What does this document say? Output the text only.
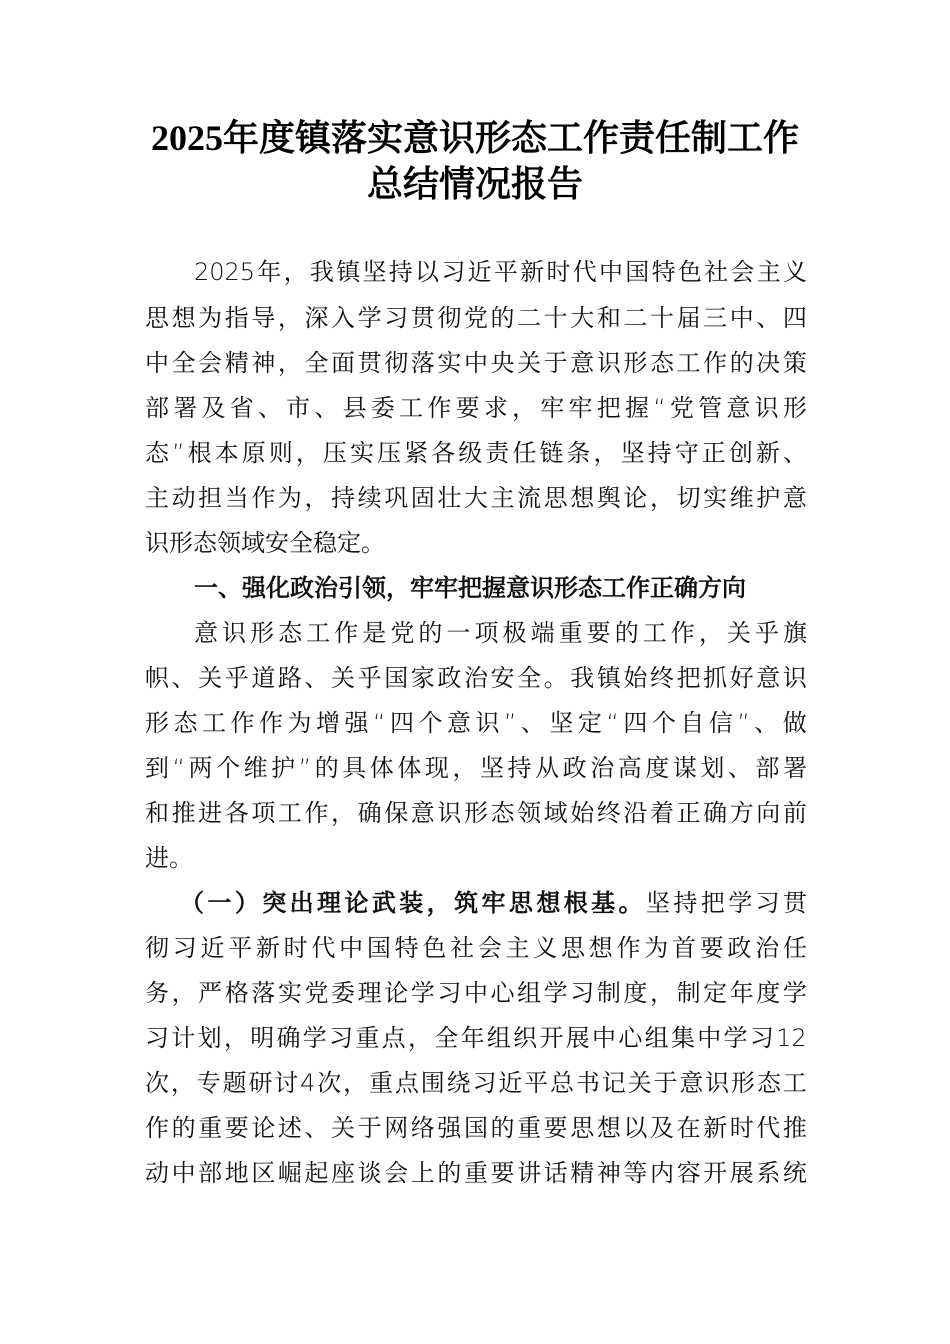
2025年度镇落实意识形态工作责任制工作
总结情况报告
2025 年 ， 我 镇 坚 持 以 习 近 平 新 时 代 中 国 特 色 社 会 主 义
思 想 为 指 导 ， 深 入 学 习 贯 彻 党 的 二 十 大 和 二 十 届 三 中 、 四
中 全 会 精 神 ， 全 面 贯 彻 落 实 中 央 关 于 意 识 形 态 工 作 的 决 策
部 署 及 省 、 市 、 县 委 工 作 要 求 ， 牢 牢 把 握 “ 党 管 意 识 形
态 ” 根 本 原 则 ， 压 实 压 紧 各 级 责 任 链 条 ， 坚 持 守 正 创 新 、
主 动 担 当 作 为 ， 持 续 巩 固 壮 大 主 流 思 想 舆 论 ， 切 实 维 护 意
识形态领域安全稳定。
一、强化政治引领，牢牢把握意识形态工作正确方向
意 识 形 态 工 作 是 党 的 一 项 极 端 重 要 的 工 作 ， 关 乎 旗
帜 、 关 乎 道 路 、 关 乎 国 家 政 治 安 全 。 我 镇 始 终 把 抓 好 意 识
形 态 工 作 作 为 增 强 “ 四 个 意 识 ” 、 坚 定 “ 四 个 自 信 ” 、 做
到 “ 两 个 维 护 ” 的 具 体 体 现 ， 坚 持 从 政 治 高 度 谋 划 、 部 署
和 推 进 各 项 工 作 ， 确 保 意 识 形 态 领 域 始 终 沿 着 正 确 方 向 前
进。
（一）突出理论武装，筑牢思想根基。坚持把学习贯
彻 习 近 平 新 时 代 中 国 特 色 社 会 主 义 思 想 作 为 首 要 政 治 任
务 ， 严 格 落 实 党 委 理 论 学 习 中 心 组 学 习 制 度 ， 制 定 年 度 学
习 计 划 ， 明 确 学 习 重 点 ， 全 年 组 织 开 展 中 心 组 集 中 学 习 12
次 ， 专 题 研 讨 4 次 ， 重 点 围 绕 习 近 平 总 书 记 关 于 意 识 形 态 工
作 的 重 要 论 述 、 关 于 网 络 强 国 的 重 要 思 想 以 及 在 新 时 代 推
动 中 部 地 区 崛 起 座 谈 会 上 的 重 要 讲 话 精 神 等 内 容 开 展 系 统
